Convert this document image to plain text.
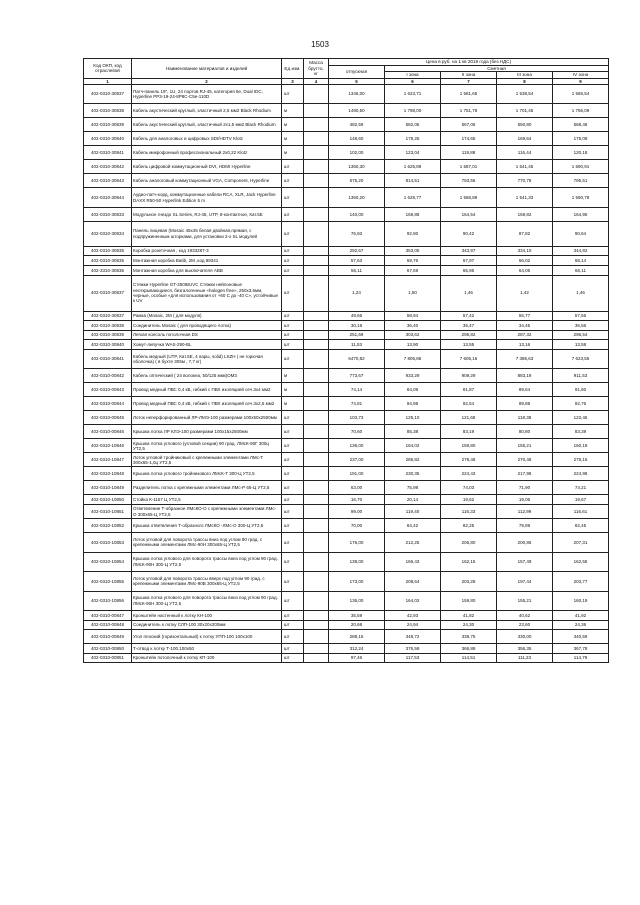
1503
Код ОКП, код отраслевой	Наименование материалов и изделий	Ед изм.	Масса брутто, кг	Цена в руб. на 1 кв 2019 года (без НДС)				
				отпускная	Сметная			
					I зона	II зона	III зона	IV зона
1	2	3	4	5	6	7	8	9
402-0310-30837	Патч-панель 19", 1U, 24 портов RJ-45, категория 5e, Dual IDC, Hyperline PP3-19-24-8P8C-C5e-110D	шт		1346,00	1 623,71	1 581,65	1 538,54	1 565,54
402-0310-30838	Кабель акустический круглый, эластичный 2,5 мм2 Black Rhodium	м		1490,50	1 798,00	1 751,78	1 701,45	1 756,09
402-0310-30839	Кабель акустический круглый, эластичный 2x1,5 мм2 Black Rhodium	м		482,59	582,05	567,06	550,80	568,48
402-0310-30840	Кабель для аналоговых и цифровых SDI/HDTV Klotz	м		148,60	179,26	174,65	169,64	175,08
402-0310-30841	Кабель микрофонный профессиональный 2x0,22 Klotz	м		102,00	123,04	119,88	116,44	120,18
402-0310-30842	Кабель цифровой коммутационный DVI, HDMI Hyperline	шт		1350,30	1 625,89	1 587,01	1 541,45	1 590,91
402-0310-30843	Кабель аналоговый коммутационный VGA, Component, Hyperline	шт		675,20	814,51	793,56	770,78	795,51
402-0310-30844	Аудио-патч-корд, коммутационные кабели RCA, XLR, Jack Hyperline DAXX R50-50 Hyperlink Edition 5 m	шт		1350,20	1 628,77	1 586,89	1 541,33	1 590,78
402-0310-30833	Модульное гнездо SL Series, RJ-45, UTP, 8-контактное, Кат.5Е	шт		140,00	168,88	164,54	159,82	164,95
402-0310-30834	Панель лицевая (Mosaic 45x45 белая двойная,прямая, с подпружиненным шторками, для установки 2-х SL модулей	шт		76,93	92,80	90,42	87,82	90,64
402-0310-30835	Коробка розеточная , код 1933287-3	шт		292,67	353,05	343,97	334,10	344,82
402-0310-30835	Монтажная коробка Batib, 2M ,код 89341	шт		57,63	69,76	67,97	66,02	68,14
402-3310-30836	Монтажная коробка для выключателя ABB	шт		56,11	67,69	65,95	64,05	66,11
402-0310-30837	Стяжки Hyperline GT-250IBUVC Стяжки нейлоновые неоткрывающиеся, безгалогенные «halogen free», 250x3.6мм, черные, особые «для использования от +60 С до -40 С», устойчивые к UV	шт		1,24	1,50	1,46	1,42	1,46
402-0310-30837	Рамка (Mosaic, 2M ( для модуля)	шт		48,66	58,94	57,42	55,77	57,56
402-0310-30838	Соединитель Mosaic ( для проводящего лотка)	шт		30,18	36,40	35,47	34,45	35,56
402-0310-30839	Легкая консоль потолочная DS	шт		251,69	303,62	295,82	287,32	296,54
402-0310-30840	Хомут-липучка WAS-290-BL	шт		11,53	13,90	13,55	13,16	13,58
402-0310-30841	Кабель медный (UTP, Кат.5Е, 4 пары, solid) LSZH ( не горючая оболочка) ( в бухте 305м , 7,7 кг)	шт		6470,82	7 805,86	7 605,16	7 386,63	7 623,55
402-0310-00842	Кабель оптический ( 24 волокна, 50/125 мкм)OM3	м		773,67	933,29	909,29	883,19	911,53
402-0310-00843	Провод медный ПВС 0,4 кВ, гибкий с ПВХ изоляцией сеч.3x4 мм2	м		74,14	84,09	81,87	89,64	91,60
402-0310-00844	Провод медный ПВС 0,4 кВ, гибкий с ПВХ изоляцией сеч.3x2,5 мм2	м		74,81	94,98	92,54	89,88	92,76
402-0310-00845	Лоток неперфорированный ЛР-ЛМЭ-100 размерами 100x50x2500мм	шт		103,73	125,10	121,68	118,38	122,46
402-0310-00846	Крышка лотка ЛР КЛЭ-100 размерами 100x15x2500мм	шт		70,60	85,38	83,19	80,80	83,39
402-0310-10846	Крышка лотка углового (угловой секции) 90 град. ЛМсК-90Г 300ц УТ2,5	шт		136,00	164,02	159,80	155,21	160,19
402-0310-10847	Лоток угловой тройниковый с крепежными элементами ЛМс-Т 300x65-1,0ц УТ2,5	шт		237,00	285,82	278,48	270,48	279,16
402-0310-10848	Крышка лотка углового тройникового ЛМсК-Т 300-Ц УТ2,5	шт		191,00	230,35	224,43	217,98	224,98
402-0310-10849	Разделитель лотка с крепежными элементами ЛМс-Р 65-Ц УТ2,5	шт		63,00	75,98	74,03	71,90	74,21
402-0310-10850	Стойка К-1157 Ц УТ2,5	шт		16,70	20,14	19,62	19,06	19,67
402-0310-10851	Ответвление Т-образное ЛМсКО-О с крепежными элементами ЛМс-О 300x65-Ц УТ2,5	шт		99,00	119,40	116,33	112,99	116,61
402-0310-10852	Крышка ответвления Т-образного ЛМсКО -ЛМс-О 300-Ц УТ2,5	шт		70,00	84,42	82,25	79,89	82,45
402-0310-10853	Лоток угловой для поворота трассы вниз под углом 90 град. с крепежными элементами ЛМс-90Н 300x65-Ц УТ2,5	шт		176,00	212,25	206,80	200,86	207,31
402-0310-10854	Крышка лотка углового для поворота трассы вниз под углом 90 град. ЛМсК-90Н 300-Ц УТ2,5	шт		138,00	166,43	162,15	157,49	162,55
402-0310-10855	Лоток угловой для поворота трассы вверх под углом 90 град. с крепежными элементами ЛМс-90В 300x65-Ц УТ2,5	шт		173,00	208,64	203,28	197,44	203,77
402-0310-10856	Крышка лотка углового для поворота трассы вниз под углом 90 град. ЛМсК-90Н 300-Ц УТ2,5	шт		136,00	164,02	159,80	155,21	160,19
402-0310-00847	Кронштейн настенный к лотку КН-100	шт		35,59	42,93	41,82	40,62	41,92
402-0310-00848	Соединитель к лотку СЛП-100 30x20x200мм	шт		20,68	24,94	24,30	23,60	24,36
402-0310-00849	Угол плоский (горизонтальный) к лотку УПП-100 100x100	шт		289,15	348,72	339,75	330,00	340,59
402-0310-00850	Т-отвод к лотку Т-100,100x50	шт		312,24	376,58	366,88	356,35	367,78
402-0310-00851	Кронштейн потолочный к лотку КП-100	шт		97,46	117,53	114,51	111,23	114,79
